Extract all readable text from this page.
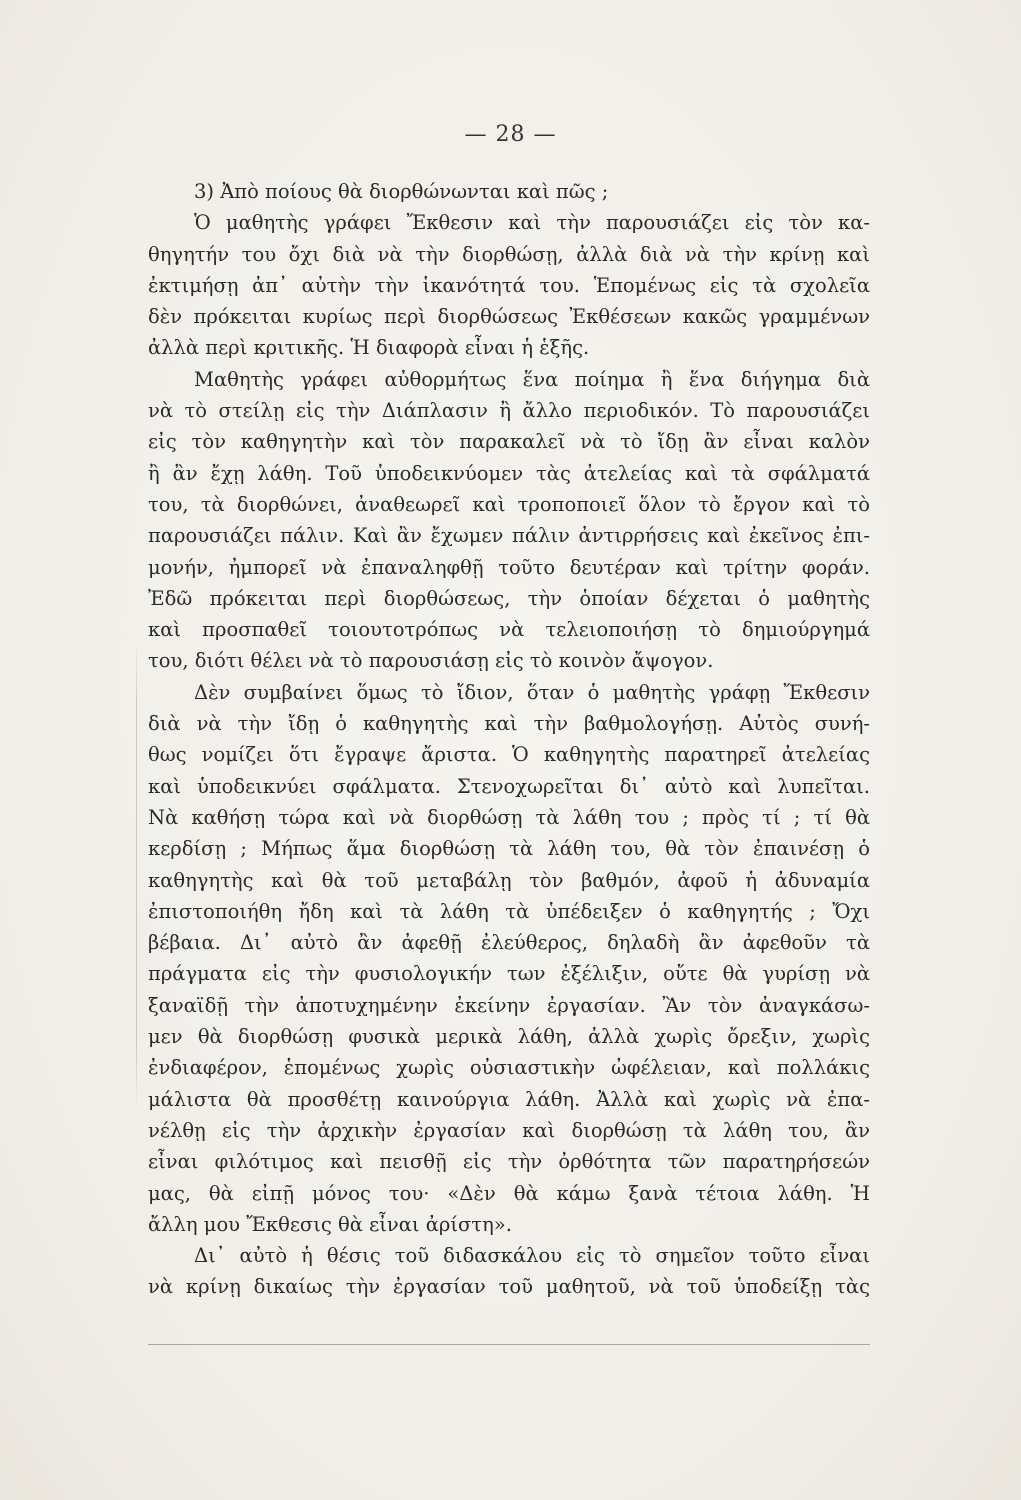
— 28 —
3) Ἀπὸ ποίους θὰ διορθώνωνται καὶ πῶς ;
Ὁ μαθητὴς γράφει Ἔκθεσιν καὶ τὴν παρουσιάζει εἰς τὸν κα-
θηγητήν του ὄχι διὰ νὰ τὴν διορθώσῃ, ἀλλὰ διὰ νὰ τὴν κρίνῃ καὶ
ἐκτιμήσῃ ἀπ᾿ αὐτὴν τὴν ἱκανότητά του. Ἑπομένως εἰς τὰ σχολεῖα
δὲν πρόκειται κυρίως περὶ διορθώσεως Ἐκθέσεων κακῶς γραμμένων
ἀλλὰ περὶ κριτικῆς. Ἡ διαφορὰ εἶναι ἡ ἑξῆς.
Μαθητὴς γράφει αὐθορμήτως ἕνα ποίημα ἢ ἕνα διήγημα διὰ
νὰ τὸ στείλῃ εἰς τὴν Διάπλασιν ἢ ἄλλο περιοδικόν. Τὸ παρουσιάζει
εἰς τὸν καθηγητὴν καὶ τὸν παρακαλεῖ νὰ τὸ ἴδῃ ἂν εἶναι καλὸν
ἢ ἂν ἔχῃ λάθη. Τοῦ ὑποδεικνύομεν τὰς ἀτελείας καὶ τὰ σφάλματά
του, τὰ διορθώνει, ἀναθεωρεῖ καὶ τροποποιεῖ ὅλον τὸ ἔργον καὶ τὸ
παρουσιάζει πάλιν. Καὶ ἂν ἔχωμεν πάλιν ἀντιρρήσεις καὶ ἐκεῖνος ἐπι-
μονήν, ἠμπορεῖ νὰ ἐπαναληφθῇ τοῦτο δευτέραν καὶ τρίτην φοράν.
Ἐδῶ πρόκειται περὶ διορθώσεως, τὴν ὁποίαν δέχεται ὁ μαθητὴς
καὶ προσπαθεῖ τοιουτοτρόπως νὰ τελειοποιήσῃ τὸ δημιούργημά
του, διότι θέλει νὰ τὸ παρουσιάσῃ εἰς τὸ κοινὸν ἄψογον.
Δὲν συμβαίνει ὅμως τὸ ἴδιον, ὅταν ὁ μαθητὴς γράφῃ Ἔκθεσιν
διὰ νὰ τὴν ἴδῃ ὁ καθηγητὴς καὶ τὴν βαθμολογήσῃ. Αὐτὸς συνή-
θως νομίζει ὅτι ἔγραψε ἄριστα. Ὁ καθηγητὴς παρατηρεῖ ἀτελείας
καὶ ὑποδεικνύει σφάλματα. Στενοχωρεῖται δι᾿ αὐτὸ καὶ λυπεῖται.
Νὰ καθήσῃ τώρα καὶ νὰ διορθώσῃ τὰ λάθη του ; πρὸς τί ; τί θὰ
κερδίσῃ ; Μήπως ἅμα διορθώσῃ τὰ λάθη του, θὰ τὸν ἐπαινέσῃ ὁ
καθηγητὴς καὶ θὰ τοῦ μεταβάλῃ τὸν βαθμόν, ἀφοῦ ἡ ἀδυναμία
ἐπιστοποιήθη ἤδη καὶ τὰ λάθη τὰ ὑπέδειξεν ὁ καθηγητής ; Ὄχι
βέβαια. Δι᾿ αὐτὸ ἂν ἀφεθῇ ἐλεύθερος, δηλαδὴ ἂν ἀφεθοῦν τὰ
πράγματα εἰς τὴν φυσιολογικήν των ἐξέλιξιν, οὔτε θὰ γυρίσῃ νὰ
ξαναϊδῇ τὴν ἀποτυχημένην ἐκείνην ἐργασίαν. Ἂν τὸν ἀναγκάσω-
μεν θὰ διορθώσῃ φυσικὰ μερικὰ λάθη, ἀλλὰ χωρὶς ὄρεξιν, χωρὶς
ἐνδιαφέρον, ἑπομένως χωρὶς οὐσιαστικὴν ὠφέλειαν, καὶ πολλάκις
μάλιστα θὰ προσθέτῃ καινούργια λάθη. Ἀλλὰ καὶ χωρὶς νὰ ἐπα-
νέλθῃ εἰς τὴν ἀρχικὴν ἐργασίαν καὶ διορθώσῃ τὰ λάθη του, ἂν
εἶναι φιλότιμος καὶ πεισθῇ εἰς τὴν ὀρθότητα τῶν παρατηρήσεών
μας, θὰ εἰπῇ μόνος του· «Δὲν θὰ κάμω ξανὰ τέτοια λάθη. Ἡ
ἄλλη μου Ἔκθεσις θὰ εἶναι ἀρίστη».
Δι᾿ αὐτὸ ἡ θέσις τοῦ διδασκάλου εἰς τὸ σημεῖον τοῦτο εἶναι
νὰ κρίνῃ δικαίως τὴν ἐργασίαν τοῦ μαθητοῦ, νὰ τοῦ ὑποδείξῃ τὰς
